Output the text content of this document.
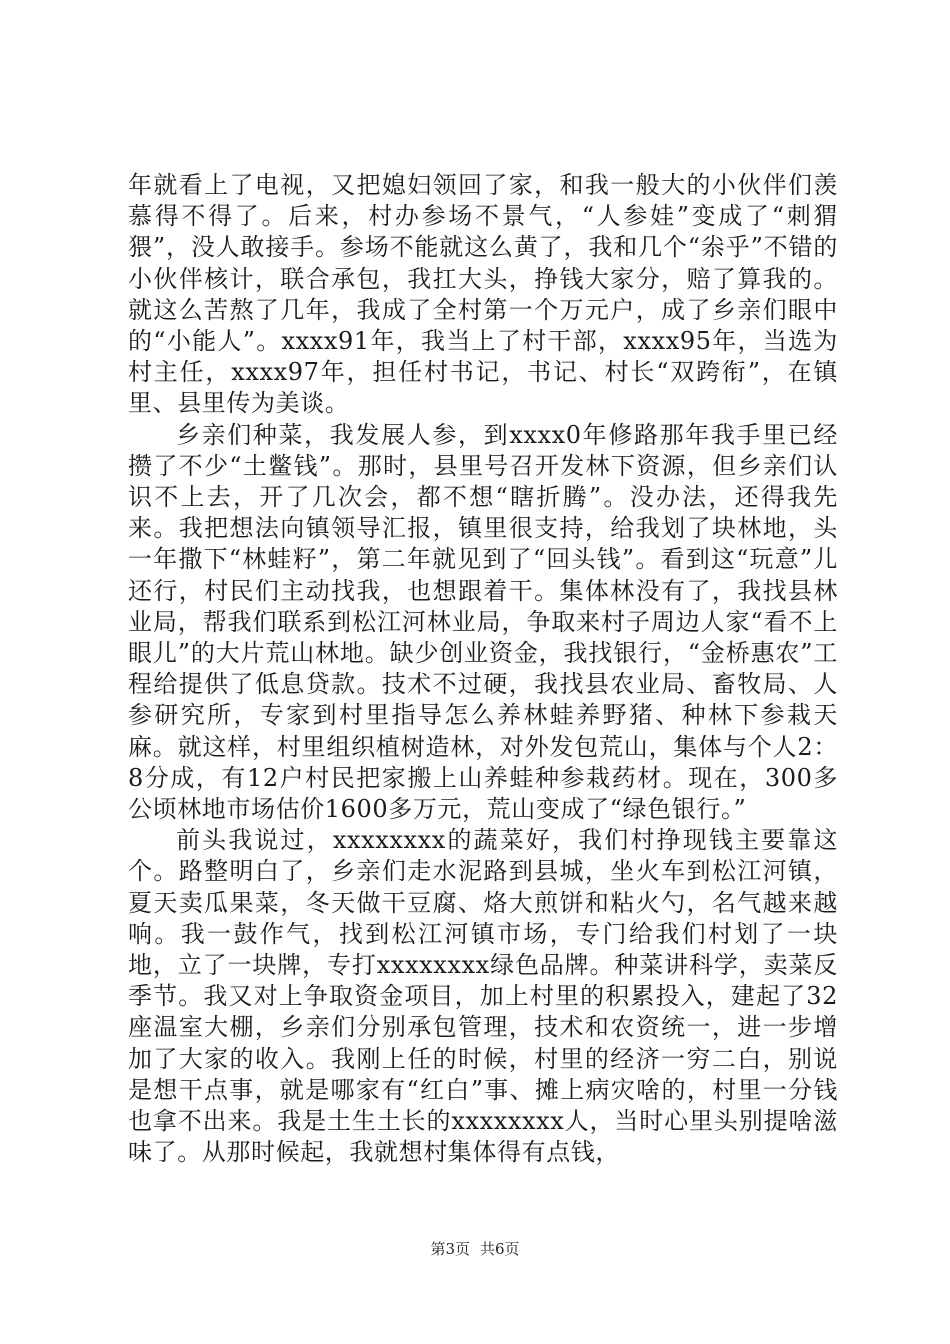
年就看上了电视，又把媳妇领回了家，和我一般大的小伙伴们羡慕得不得了。后来，村办参场不景气，“人参娃”变成了“刺猬猥”，没人敢接手。参场不能就这么黄了，我和几个“尜乎”不错的小伙伴核计，联合承包，我扛大头，挣钱大家分，赔了算我的。就这么苦熬了几年，我成了全村第一个万元户，成了乡亲们眼中的“小能人”。xxxx91年，我当上了村干部，xxxx95年，当选为村主任，xxxx97年，担任村书记，书记、村长“双跨衔”，在镇里、县里传为美谈。

乡亲们种菜，我发展人参，到xxxx0年修路那年我手里已经攒了不少“土鳖钱”。那时，县里号召开发林下资源，但乡亲们认识不上去，开了几次会，都不想“瞎折腾”。没办法，还得我先来。我把想法向镇领导汇报，镇里很支持，给我划了块林地，头一年撒下“林蛙籽”，第二年就见到了“回头钱”。看到这“玩意”儿还行，村民们主动找我，也想跟着干。集体林没有了，我找县林业局，帮我们联系到松江河林业局，争取来村子周边人家“看不上眼儿”的大片荒山林地。缺少创业资金，我找银行，“金桥惠农”工程给提供了低息贷款。技术不过硬，我找县农业局、畜牧局、人参研究所，专家到村里指导怎么养林蛙养野猪、种林下参栽天麻。就这样，村里组织植树造林，对外发包荒山，集体与个人2：8分成，有12户村民把家搬上山养蛙种参栽药材。现在，300多公顷林地市场估价1600多万元，荒山变成了“绿色银行。”

前头我说过，xxxxxxxx的蔬菜好，我们村挣现钱主要靠这个。路整明白了，乡亲们走水泥路到县城，坐火车到松江河镇，夏天卖瓜果菜，冬天做干豆腐、烙大煎饼和粘火勺，名气越来越响。我一鼓作气，找到松江河镇市场，专门给我们村划了一块地，立了一块牌，专打xxxxxxxx绿色品牌。种菜讲科学，卖菜反季节。我又对上争取资金项目，加上村里的积累投入，建起了32座温室大棚，乡亲们分别承包管理，技术和农资统一，进一步增加了大家的收入。我刚上任的时候，村里的经济一穷二白，别说是想干点事，就是哪家有“红白”事、摊上病灾啥的，村里一分钱也拿不出来。我是土生土长的xxxxxxxx人，当时心里头别提啥滋味了。从那时候起，我就想村集体得有点钱，

第3页 共6页
